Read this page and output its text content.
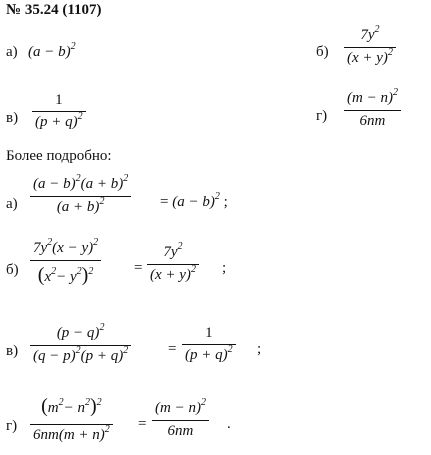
№ 35.24 (1107)
а) $(a - b)^2$	б)
$7y^2$
$(x + y)^2$
в)
1
$(p + q)^2$	г)
$(m - n)^2$
6nm
Более подробно:
а)
$(a - b)^2(a + b)^2$
$(a + b)^2$	= $(a - b)^2$ ;
б)
$7y^2(x - y)^2$
$(x^2- y^2)^2$	=
$7y^2$
$(x + y)^2$ ;
в)
$(p - q)^2$
$(q - p)^2(p + q)^2$	=
1
$(p + q)^2$ ;
г)
$(m^2- n^2)^2$
$6nm(m + n)^2$ =
$(m - n)^2$
6nm .
